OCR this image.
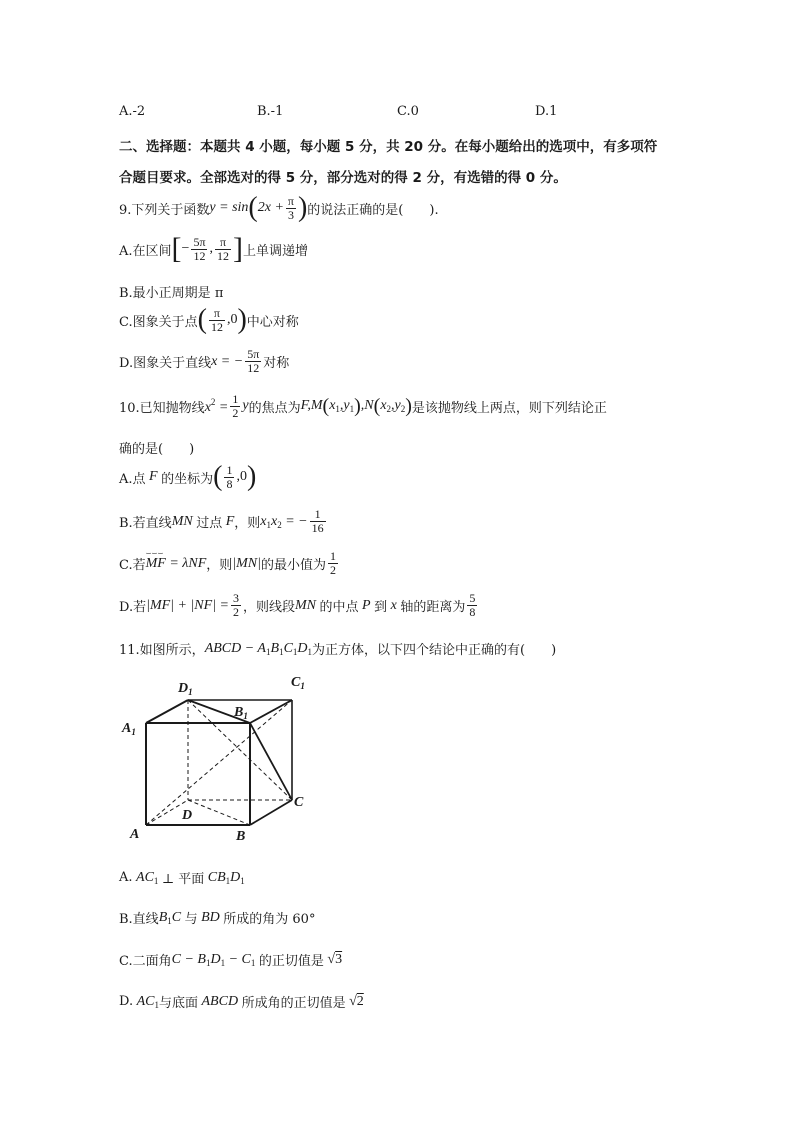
A.-2	B.-1	C.0	D.1
二、选择题：本题共 4 小题，每小题 5 分，共 20 分。在每小题给出的选项中，有多项符
合题目要求。全部选对的得 5 分，部分选对的得 2 分，有选错的得 0 分。
9.下列关于函数 y = sin ( $2x + \frac{\pi}{3}$ ) 的说法正确的是(　　).
A.在区间 [ − $\frac{5\pi}{12}$ , $\frac{\pi}{12}$ ] 上单调递增
B.最小正周期是 π
C.图象关于点 ( $\frac{\pi}{12} ,0$ ) 中心对称
D.图象关于直线 x = − $\frac{5\pi}{12}$ 对称
10.已知抛物线 $x^2 = \frac{1}{2}$ y 的焦点为 F,M ( $x_1,y_1$ ) ,N ( $x_2,y_2$ ) 是该抛物线上两点，则下列结论正
确的是(　　)
A.点 F 的坐标为 ( $\frac{1}{8} ,0$ )
B.若直线 MN 过点 F ，则 $x_1x_2$ = − $\frac{1}{16}$
C.若 MF
⌣⌣⌣
= λNF ，则 |MN| 的最小值为 $\frac{1}{2}$
D.若 $|MF| + |NF| = \frac{3}{2}$ ，则线段 MN 的中点 P 到 x 轴的距离为 $\frac{5}{8}$
11.如图所示， ABCD − $A_1B_1C_1D_1$ 为正方体，以下四个结论中正确的有(　　)
$D_1$
$C_1$
$B_1$
$A_1$
D
C
A	B
A. $AC_1$ ⊥ 平面 $CB_1D_1$
B.直线 $B_1C$ 与 BD 所成的角为 60°
C.二面角 $C - B_1D_1 - C_1$ 的正切值是 √3
D. $AC_1$ 与底面 ABCD 所成角的正切值是 √2
